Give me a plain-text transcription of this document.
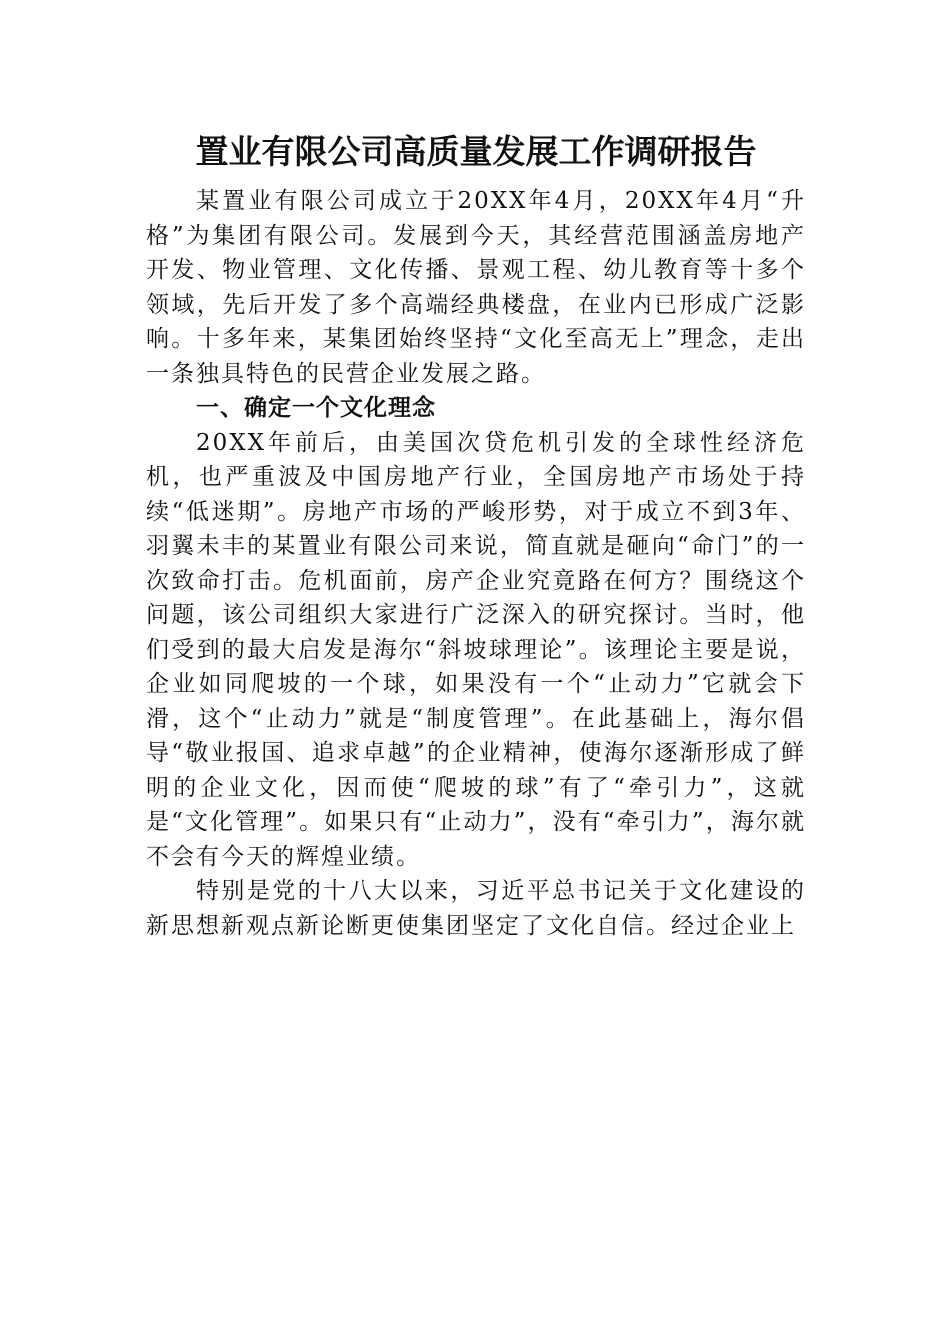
置业有限公司高质量发展工作调研报告

某置业有限公司成立于20XX年4月，20XX年4月“升格”为集团有限公司。发展到今天，其经营范围涵盖房地产开发、物业管理、文化传播、景观工程、幼儿教育等十多个领域，先后开发了多个高端经典楼盘，在业内已形成广泛影响。十多年来，某集团始终坚持“文化至高无上”理念，走出一条独具特色的民营企业发展之路。

一、确定一个文化理念

20XX年前后，由美国次贷危机引发的全球性经济危机，也严重波及中国房地产行业，全国房地产市场处于持续“低迷期”。房地产市场的严峻形势，对于成立不到3年、羽翼未丰的某置业有限公司来说，简直就是砸向“命门”的一次致命打击。危机面前，房产企业究竟路在何方？围绕这个问题，该公司组织大家进行广泛深入的研究探讨。当时，他们受到的最大启发是海尔“斜坡球理论”。该理论主要是说，企业如同爬坡的一个球，如果没有一个“止动力”它就会下滑，这个“止动力”就是“制度管理”。在此基础上，海尔倡导“敬业报国、追求卓越”的企业精神，使海尔逐渐形成了鲜明的企业文化，因而使“爬坡的球”有了“牵引力”，这就是“文化管理”。如果只有“止动力”，没有“牵引力”，海尔就不会有今天的辉煌业绩。

特别是党的十八大以来，习近平总书记关于文化建设的新思想新观点新论断更使集团坚定了文化自信。经过企业上
